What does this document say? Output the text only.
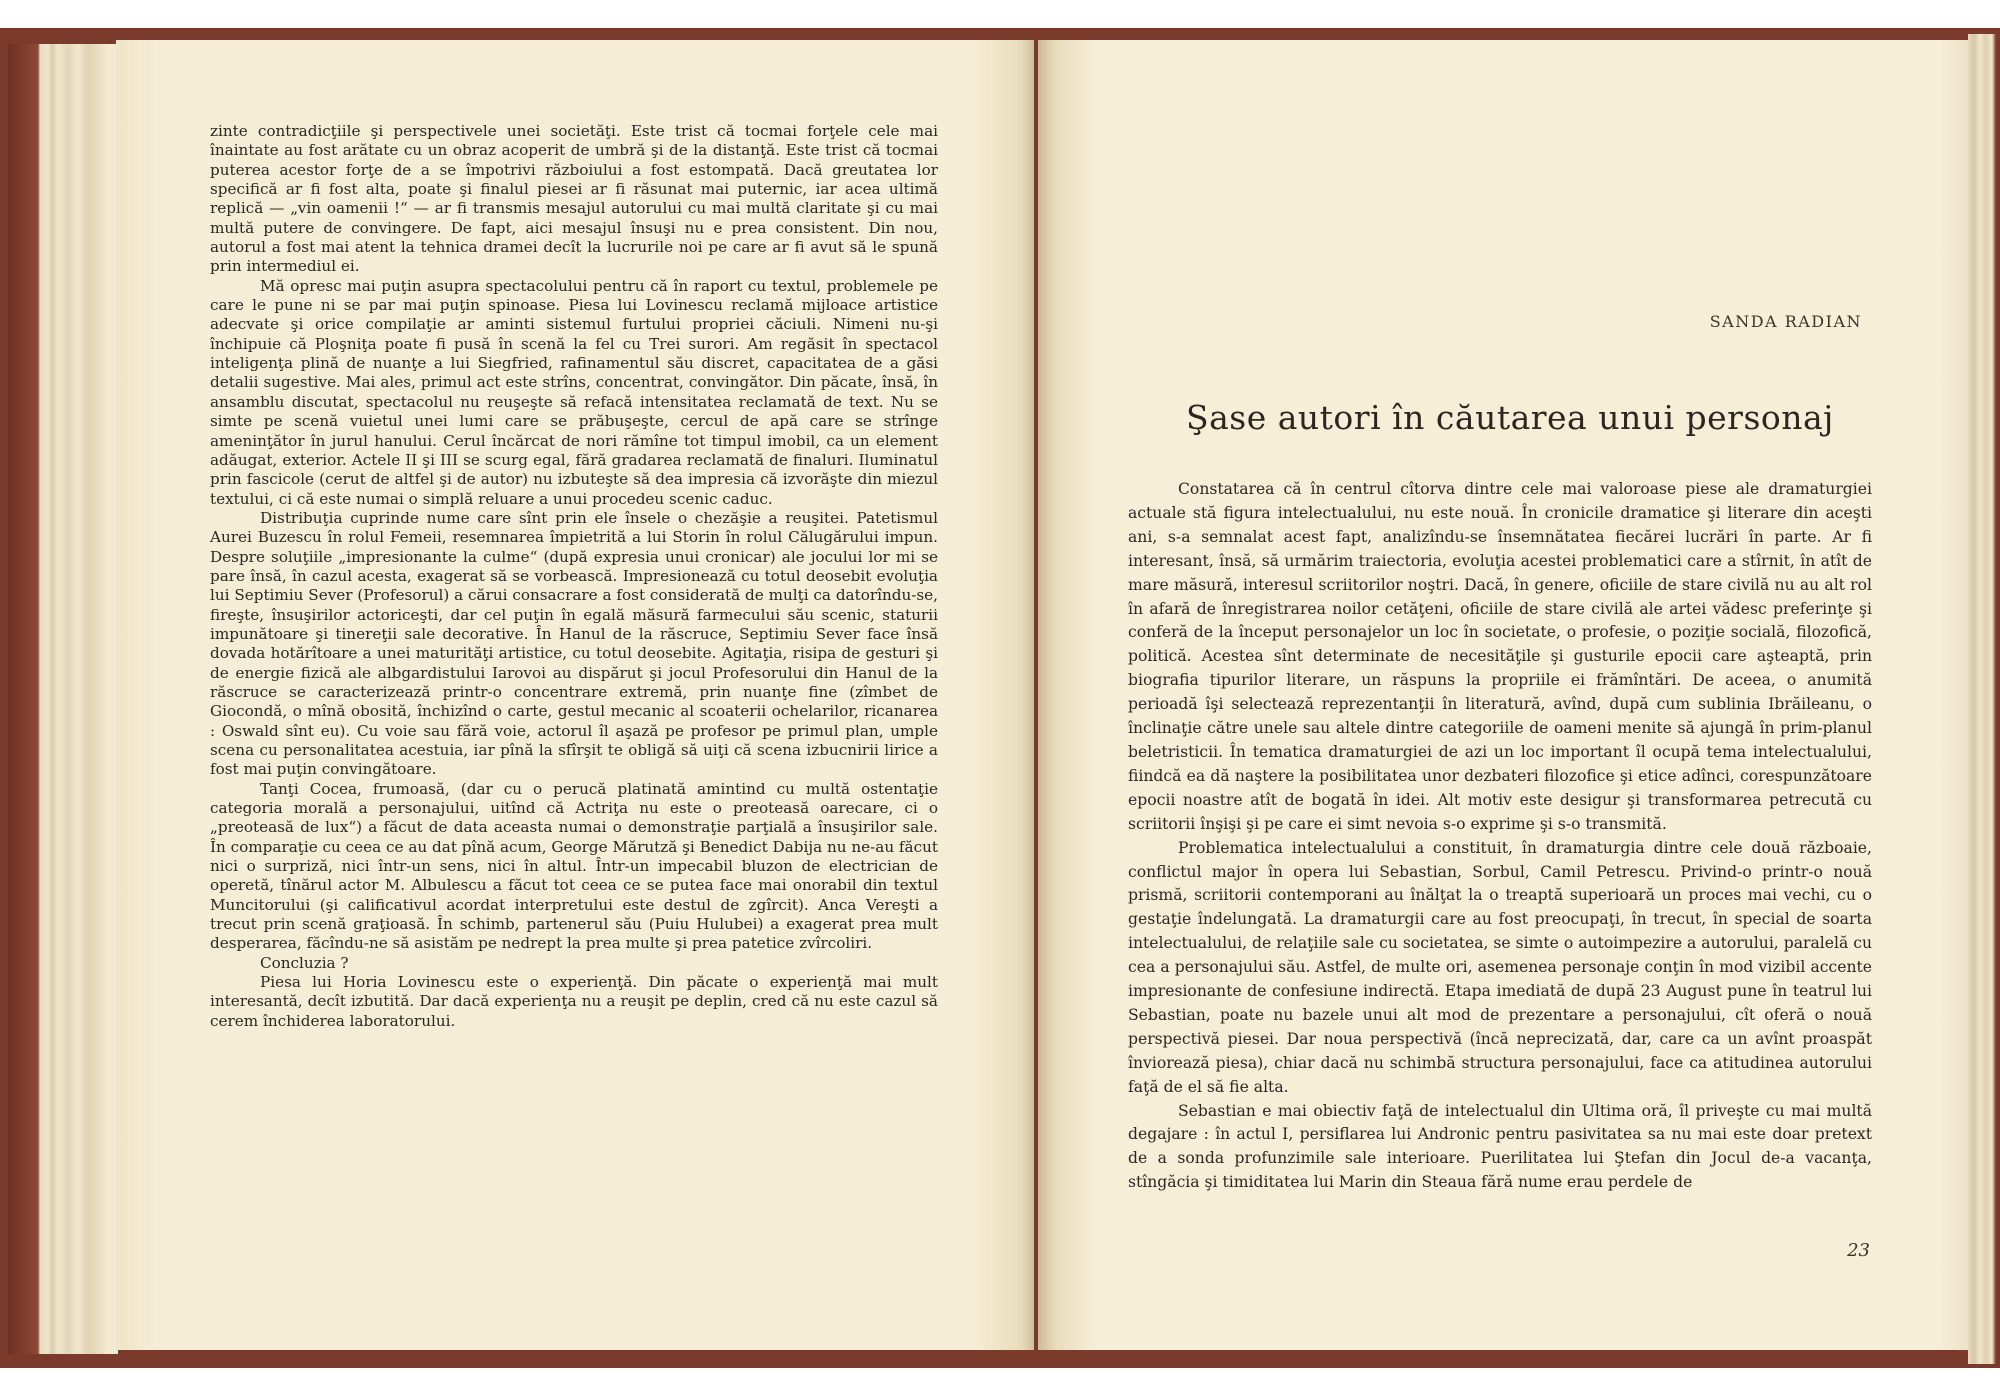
zinte contradicţiile şi perspectivele unei societăţi. Este trist că tocmai forţele cele mai înaintate au fost arătate cu un obraz acoperit de umbră şi de la distanţă. Este trist că tocmai puterea acestor forţe de a se împotrivi războiului a fost estompată. Dacă greutatea lor specifică ar fi fost alta, poate şi finalul piesei ar fi răsunat mai puternic, iar acea ultimă replică — „vin oamenii !“ — ar fi transmis mesajul autorului cu mai multă claritate şi cu mai multă putere de convingere. De fapt, aici mesajul însuşi nu e prea consistent. Din nou, autorul a fost mai atent la tehnica dramei decît la lucrurile noi pe care ar fi avut să le spună prin intermediul ei.

Mă opresc mai puţin asupra spectacolului pentru că în raport cu textul, problemele pe care le pune ni se par mai puţin spinoase. Piesa lui Lovinescu reclamă mijloace artistice adecvate şi orice compilaţie ar aminti sistemul furtului propriei căciuli. Nimeni nu-şi închipuie că Ploşniţa poate fi pusă în scenă la fel cu Trei surori. Am regăsit în spectacol inteligenţa plină de nuanţe a lui Siegfried, rafinamentul său discret, capacitatea de a găsi detalii sugestive. Mai ales, primul act este strîns, concentrat, convingător. Din păcate, însă, în ansamblu discutat, spectacolul nu reuşeşte să refacă intensitatea reclamată de text. Nu se simte pe scenă vuietul unei lumi care se prăbuşeşte, cercul de apă care se strînge ameninţător în jurul hanului. Cerul încărcat de nori rămîne tot timpul imobil, ca un element adăugat, exterior. Actele II şi III se scurg egal, fără gradarea reclamată de finaluri. Iluminatul prin fascicole (cerut de altfel şi de autor) nu izbuteşte să dea impresia că izvorăşte din miezul textului, ci că este numai o simplă reluare a unui procedeu scenic caduc.

Distribuţia cuprinde nume care sînt prin ele însele o chezăşie a reuşitei. Patetismul Aurei Buzescu în rolul Femeii, resemnarea împietrită a lui Storin în rolul Călugărului impun. Despre soluţiile „impresionante la culme“ (după expresia unui cronicar) ale jocului lor mi se pare însă, în cazul acesta, exagerat să se vorbească. Impresionează cu totul deosebit evoluţia lui Septimiu Sever (Profesorul) a cărui consacrare a fost considerată de mulţi ca datorîndu-se, fireşte, însuşirilor actoriceşti, dar cel puţin în egală măsură farmecului său scenic, staturii impunătoare şi tinereţii sale decorative. În Hanul de la răscruce, Septimiu Sever face însă dovada hotărîtoare a unei maturităţi artistice, cu totul deosebite. Agitaţia, risipa de gesturi şi de energie fizică ale albgardistului Iarovoi au dispărut şi jocul Profesorului din Hanul de la răscruce se caracterizează printr-o concentrare extremă, prin nuanţe fine (zîmbet de Giocondă, o mînă obosită, închizînd o carte, gestul mecanic al scoaterii ochelarilor, ricanarea : Oswald sînt eu). Cu voie sau fără voie, actorul îl aşază pe profesor pe primul plan, umple scena cu personalitatea acestuia, iar pînă la sfîrşit te obligă să uiţi că scena izbucnirii lirice a fost mai puţin convingătoare.

Tanţi Cocea, frumoasă, (dar cu o perucă platinată amintind cu multă ostentaţie categoria morală a personajului, uitînd că Actriţa nu este o preoteasă oarecare, ci o „preoteasă de lux“) a făcut de data aceasta numai o demonstraţie parţială a însuşirilor sale. În comparaţie cu ceea ce au dat pînă acum, George Mărutză şi Benedict Dabija nu ne-au făcut nici o surpriză, nici într-un sens, nici în altul. Într-un impecabil bluzon de electrician de operetă, tînărul actor M. Albulescu a făcut tot ceea ce se putea face mai onorabil din textul Muncitorului (şi calificativul acordat interpretului este destul de zgîrcit). Anca Vereşti a trecut prin scenă graţioasă. În schimb, partenerul său (Puiu Hulubei) a exagerat prea mult desperarea, făcîndu-ne să asistăm pe nedrept la prea multe şi prea patetice zvîrcoliri.

Concluzia ?

Piesa lui Horia Lovinescu este o experienţă. Din păcate o experienţă mai mult interesantă, decît izbutită. Dar dacă experienţa nu a reuşit pe deplin, cred că nu este cazul să cerem închiderea laboratorului.

SANDA RADIAN
Şase autori în căutarea unui personaj

Constatarea că în centrul cîtorva dintre cele mai valoroase piese ale dramaturgiei actuale stă figura intelectualului, nu este nouă. În cronicile dramatice şi literare din aceşti ani, s-a semnalat acest fapt, analizîndu-se însemnătatea fiecărei lucrări în parte. Ar fi interesant, însă, să urmărim traiectoria, evoluţia acestei problematici care a stîrnit, în atît de mare măsură, interesul scriitorilor noştri. Dacă, în genere, oficiile de stare civilă nu au alt rol în afară de înregistrarea noilor cetăţeni, oficiile de stare civilă ale artei vădesc preferinţe şi conferă de la început personajelor un loc în societate, o profesie, o poziţie socială, filozofică, politică. Acestea sînt determinate de necesităţile şi gusturile epocii care aşteaptă, prin biografia tipurilor literare, un răspuns la propriile ei frămîntări. De aceea, o anumită perioadă îşi selectează reprezentanţii în literatură, avînd, după cum sublinia Ibrăileanu, o înclinaţie către unele sau altele dintre categoriile de oameni menite să ajungă în prim-planul beletristicii. În tematica dramaturgiei de azi un loc important îl ocupă tema intelectualului, fiindcă ea dă naştere la posibilitatea unor dezbateri filozofice şi etice adînci, corespunzătoare epocii noastre atît de bogată în idei. Alt motiv este desigur şi transformarea petrecută cu scriitorii înşişi şi pe care ei simt nevoia s-o exprime şi s-o transmită.

Problematica intelectualului a constituit, în dramaturgia dintre cele două războaie, conflictul major în opera lui Sebastian, Sorbul, Camil Petrescu. Privind-o printr-o nouă prismă, scriitorii contemporani au înălţat la o treaptă superioară un proces mai vechi, cu o gestaţie îndelungată. La dramaturgii care au fost preocupaţi, în trecut, în special de soarta intelectualului, de relaţiile sale cu societatea, se simte o autoimpezire a autorului, paralelă cu cea a personajului său. Astfel, de multe ori, asemenea personaje conţin în mod vizibil accente impresionante de confesiune indirectă. Etapa imediată de după 23 August pune în teatrul lui Sebastian, poate nu bazele unui alt mod de prezentare a personajului, cît oferă o nouă perspectivă piesei. Dar noua perspectivă (încă neprecizată, dar, care ca un avînt proaspăt înviorează piesa), chiar dacă nu schimbă structura personajului, face ca atitudinea autorului faţă de el să fie alta.

Sebastian e mai obiectiv faţă de intelectualul din Ultima oră, îl priveşte cu mai multă degajare : în actul I, persiflarea lui Andronic pentru pasivitatea sa nu mai este doar pretext de a sonda profunzimile sale interioare. Puerilitatea lui Ştefan din Jocul de-a vacanţa, stîngăcia şi timiditatea lui Marin din Steaua fără nume erau perdele de

23
